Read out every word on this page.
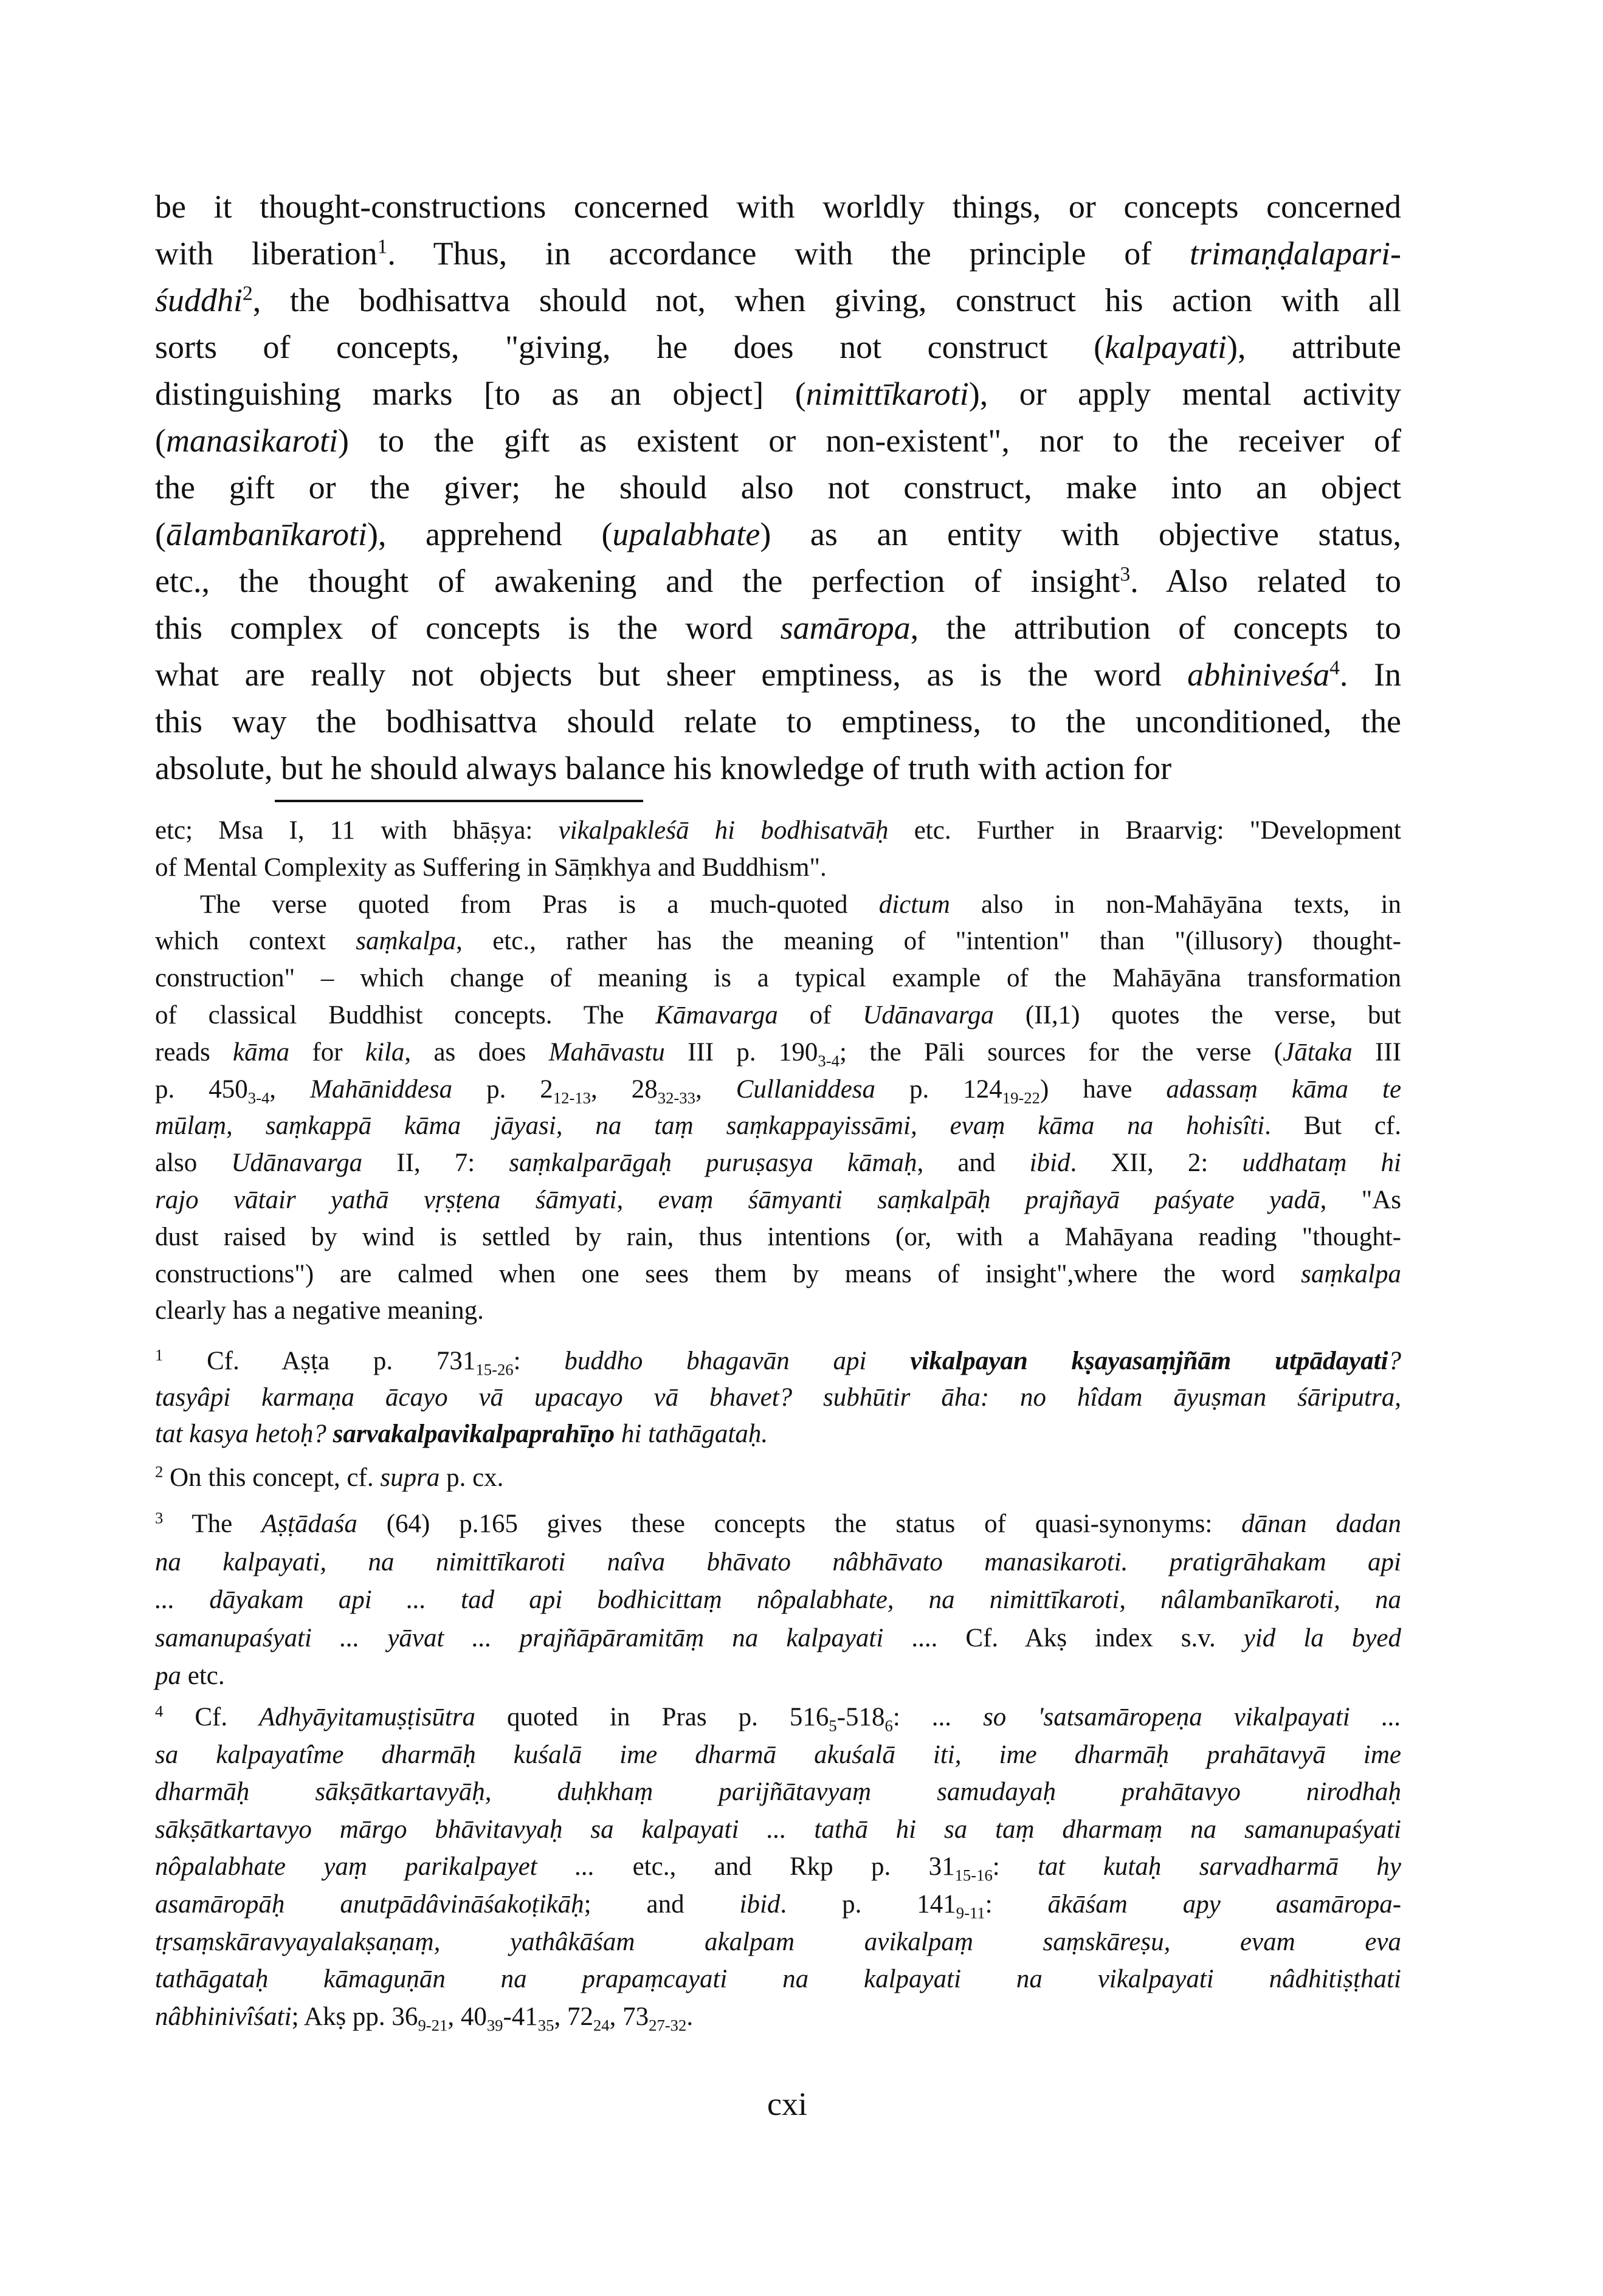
be it thought-constructions concerned with worldly things, or concepts concerned
with liberation$^1$. Thus, in accordance with the principle of trimaṇḍalapari-
śuddhi$^2$, the bodhisattva should not, when giving, construct his action with all
sorts of concepts, "giving, he does not construct (kalpayati), attribute
distinguishing marks [to as an object] (nimittīkaroti), or apply mental activity
(manasikaroti) to the gift as existent or non-existent", nor to the receiver of
the gift or the giver; he should also not construct, make into an object
(ālambanīkaroti), apprehend (upalabhate) as an entity with objective status,
etc., the thought of awakening and the perfection of insight$^3$. Also related to
this complex of concepts is the word samāropa, the attribution of concepts to
what are really not objects but sheer emptiness, as is the word abhiniveśa$^4$. In
this way the bodhisattva should relate to emptiness, to the unconditioned, the
absolute, but he should always balance his knowledge of truth with action for
etc; Msa I, 11 with bhāṣya: vikalpakleśā hi bodhisatvāḥ etc. Further in Braarvig: "Development
of Mental Complexity as Suffering in Sāṃkhya and Buddhism".
The verse quoted from Pras is a much-quoted dictum also in non-Mahāyāna texts, in
which context saṃkalpa, etc., rather has the meaning of "intention" than "(illusory) thought-
construction" – which change of meaning is a typical example of the Mahāyāna transformation
of classical Buddhist concepts. The Kāmavarga of Udānavarga (II,1) quotes the verse, but
reads kāma for kila, as does Mahāvastu III p. $190_{3-4}$; the Pāli sources for the verse (Jātaka III
p. $450_{3-4}$, Mahāniddesa p. $2_{12-13}$, $28_{32-33}$, Cullaniddesa p. $124_{19-22}$) have adassaṃ kāma te
mūlaṃ, saṃkappā kāma jāyasi, na taṃ saṃkappayissāmi, evaṃ kāma na hohisîti. But cf.
also Udānavarga II, 7: saṃkalparāgaḥ puruṣasya kāmaḥ, and ibid. XII, 2: uddhataṃ hi
rajo vātair yathā vṛṣṭena śāmyati, evaṃ śāmyanti saṃkalpāḥ prajñayā paśyate yadā, "As
dust raised by wind is settled by rain, thus intentions (or, with a Mahāyana reading "thought-
constructions") are calmed when one sees them by means of insight",where the word saṃkalpa
clearly has a negative meaning.
$^1$ Cf. Aṣṭa p. $731_{15-26}$: buddho bhagavān api vikalpayan kṣayasaṃjñām utpādayati?
tasyâpi karmaṇa ācayo vā upacayo vā bhavet? subhūtir āha: no hîdam āyuṣman śāriputra,
tat kasya hetoḥ? sarvakalpavikalpaprahīṇo hi tathāgataḥ.
$^2$ On this concept, cf. supra p. cx.
$^3$ The Aṣṭādaśa (64) p.165 gives these concepts the status of quasi-synonyms: dānan dadan
na kalpayati, na nimittīkaroti naîva bhāvato nâbhāvato manasikaroti. pratigrāhakam api
... dāyakam api ... tad api bodhicittaṃ nôpalabhate, na nimittīkaroti, nâlambanīkaroti, na
samanupaśyati ... yāvat ... prajñāpāramitāṃ na kalpayati .... Cf. Akṣ index s.v. yid la byed
pa etc.
$^4$ Cf. Adhyāyitamuṣṭisūtra quoted in Pras p. $516_5-518_6$: ... so 'satsamāropeṇa vikalpayati ...
sa kalpayatîme dharmāḥ kuśalā ime dharmā akuśalā iti, ime dharmāḥ prahātavyā ime
dharmāḥ sākṣātkartavyāḥ, duḥkhaṃ parijñātavyaṃ samudayaḥ prahātavyo nirodhaḥ
sākṣātkartavyo mārgo bhāvitavyaḥ sa kalpayati ... tathā hi sa taṃ dharmaṃ na samanupaśyati
nôpalabhate yaṃ parikalpayet ... etc., and Rkp p. $31_{15-16}$: tat kutaḥ sarvadharmā hy
asamāropāḥ anutpādâvināśakoṭikāḥ; and ibid. p. $141_{9-11}$: ākāśam apy asamāropa-
tṛsaṃskāravyayalakṣaṇaṃ, yathâkāśam akalpam avikalpaṃ saṃskāreṣu, evam eva
tathāgataḥ kāmaguṇān na prapaṃcayati na kalpayati na vikalpayati nâdhitiṣṭhati
nâbhinivîśati; Akṣ pp. $36_{9-21}$, $40_{39}-41_{35}$, $72_{24}$, $73_{27-32}$.
cxi
